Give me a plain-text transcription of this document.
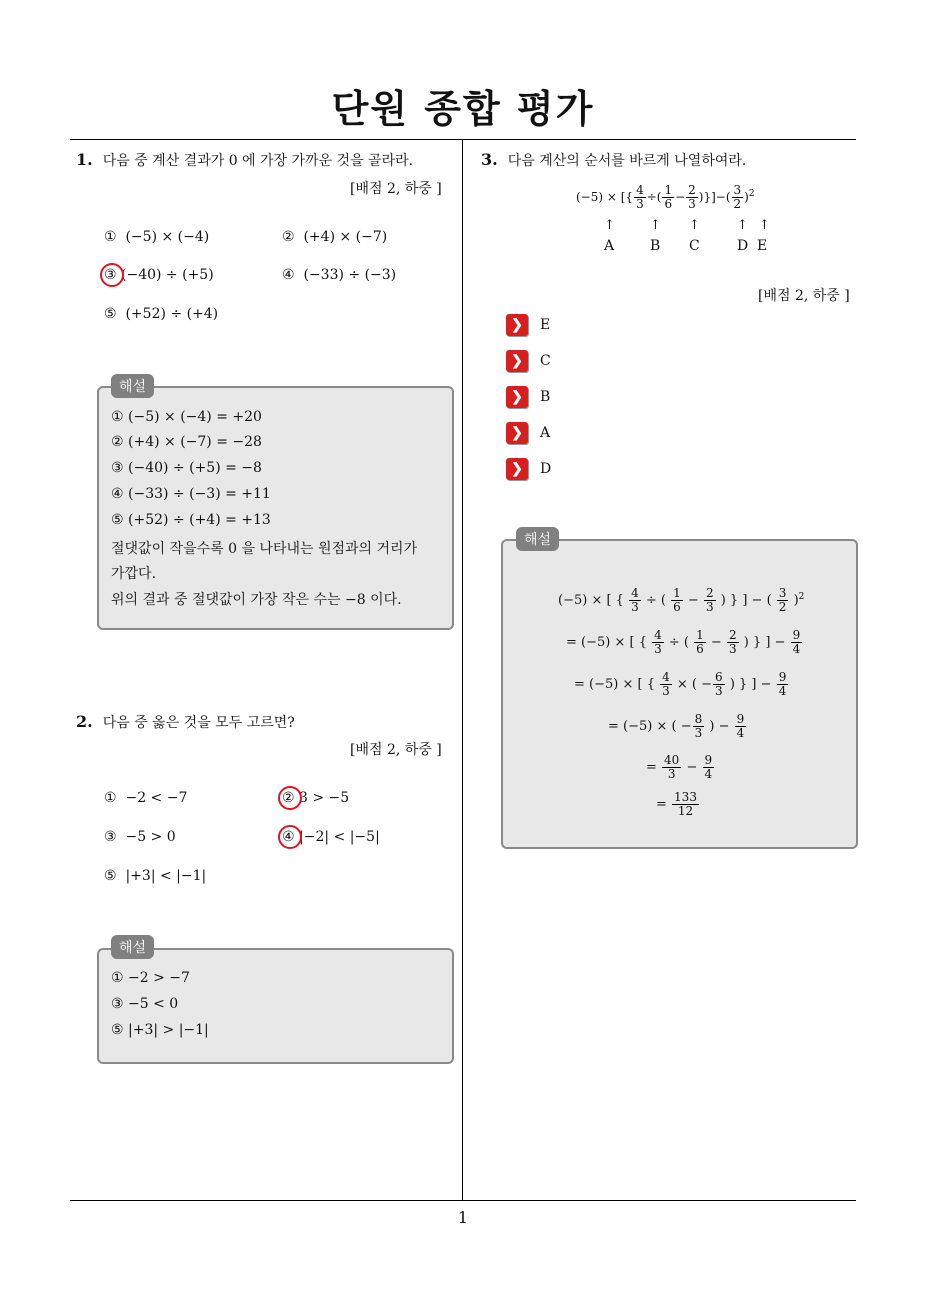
단원 종합 평가
1. 다음 중 계산 결과가 0 에 가장 가까운 것을 골라라.
[배점 2, 하중 ]
① (−5) × (−4)	② (+4) × (−7)
③ (−40) ÷ (+5)	④ (−33) ÷ (−3)
⑤ (+52) ÷ (+4)
해설
① (−5) × (−4) = +20
② (+4) × (−7) = −28
③ (−40) ÷ (+5) = −8
④ (−33) ÷ (−3) = +11
⑤ (+52) ÷ (+4) = +13
절댓값이 작을수록 0 을 나타내는 원점과의 거리가
가깝다.
위의 결과 중 절댓값이 가장 작은 수는 −8 이다.
2. 다음 중 옳은 것을 모두 고르면?
[배점 2, 하중 ]
① −2 < −7	② 3 > −5
③ −5 > 0	④ |−2| < |−5|
⑤ |+3| < |−1|
해설
① −2 > −7
③ −5 < 0
⑤ |+3| > |−1|
3. 다음 계산의 순서를 바르게 나열하여라.
(−5) × [{ $\frac{4}{3}$ ÷( $\frac{1}{6} - \frac{2}{3}$ )}]−( $\frac{3}{2} )^2$
↑	↑ ↑	↑ ↑
A	B C	D E
[배점 2, 하중 ]
❯	E
❯	C
❯	B
❯	A
❯	D
해설
(−5) × [ { $\frac{4}{3}$ ÷ ( $\frac{1}{6} - \frac{2}{3}$ ) } ] − ( $\frac{3}{2} )^2$
= (−5) × [ { $\frac{4}{3}$ ÷ ( $\frac{1}{6} - \frac{2}{3}$ ) } ] − $\frac{9}{4}$
= (−5) × [ { $\frac{4}{3}$ × ( − $\frac{6}{3}$ ) } ] − $\frac{9}{4}$
= (−5) × ( − $\frac{8}{3}$ ) − $\frac{9}{4}$
= $\frac{40}{3} - \frac{9}{4}$
= $\frac{133}{12}$
1
